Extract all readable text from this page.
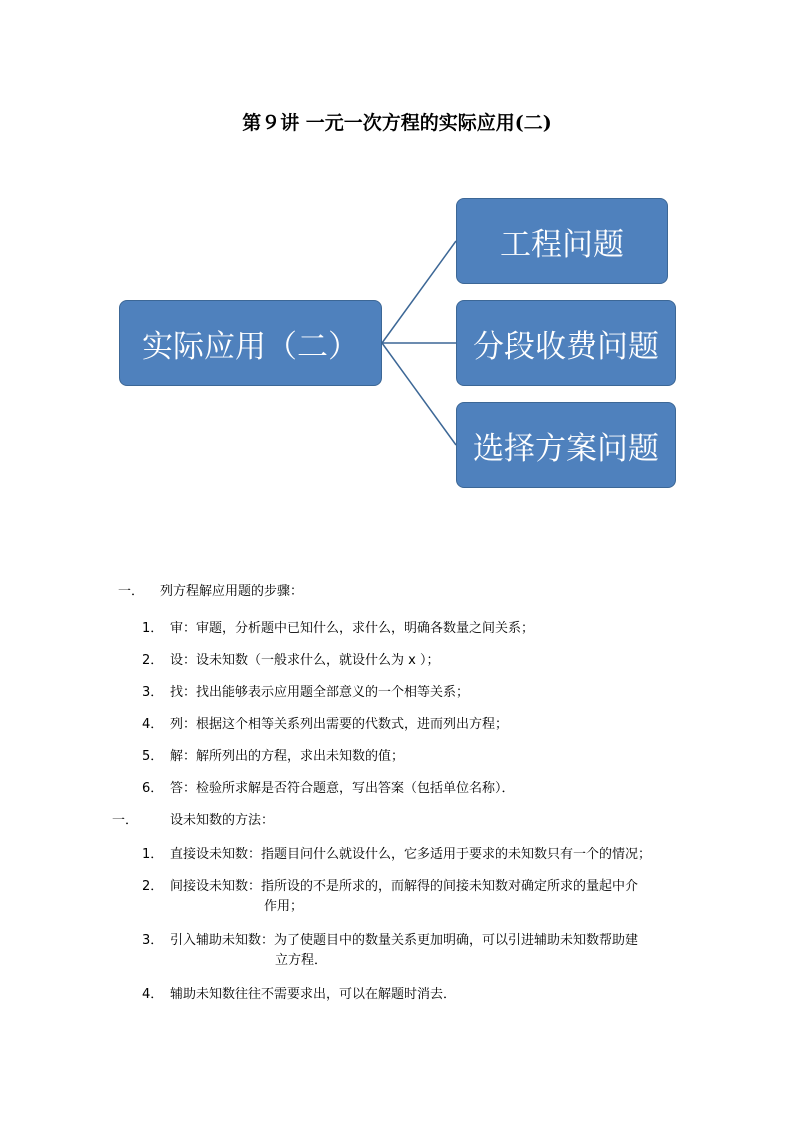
第９讲 一元一次方程的实际应用(二)
实际应用（二）
工程问题
分段收费问题
选择方案问题
一． 列方程解应用题的步骤：
1． 审：审题，分析题中已知什么，求什么，明确各数量之间关系；
2． 设：设未知数（一般求什么，就设什么为 x ）；
3． 找：找出能够表示应用题全部意义的一个相等关系；
4． 列：根据这个相等关系列出需要的代数式，进而列出方程；
5． 解：解所列出的方程，求出未知数的值；
6． 答：检验所求解是否符合题意，写出答案（包括单位名称）．
一． 设未知数的方法：
1． 直接设未知数：指题目问什么就设什么，它多适用于要求的未知数只有一个的情况；
2． 间接设未知数：指所设的不是所求的，而解得的间接未知数对确定所求的量起中介
作用；
3． 引入辅助未知数：为了使题目中的数量关系更加明确，可以引进辅助未知数帮助建
立方程．
4． 辅助未知数往往不需要求出，可以在解题时消去．
